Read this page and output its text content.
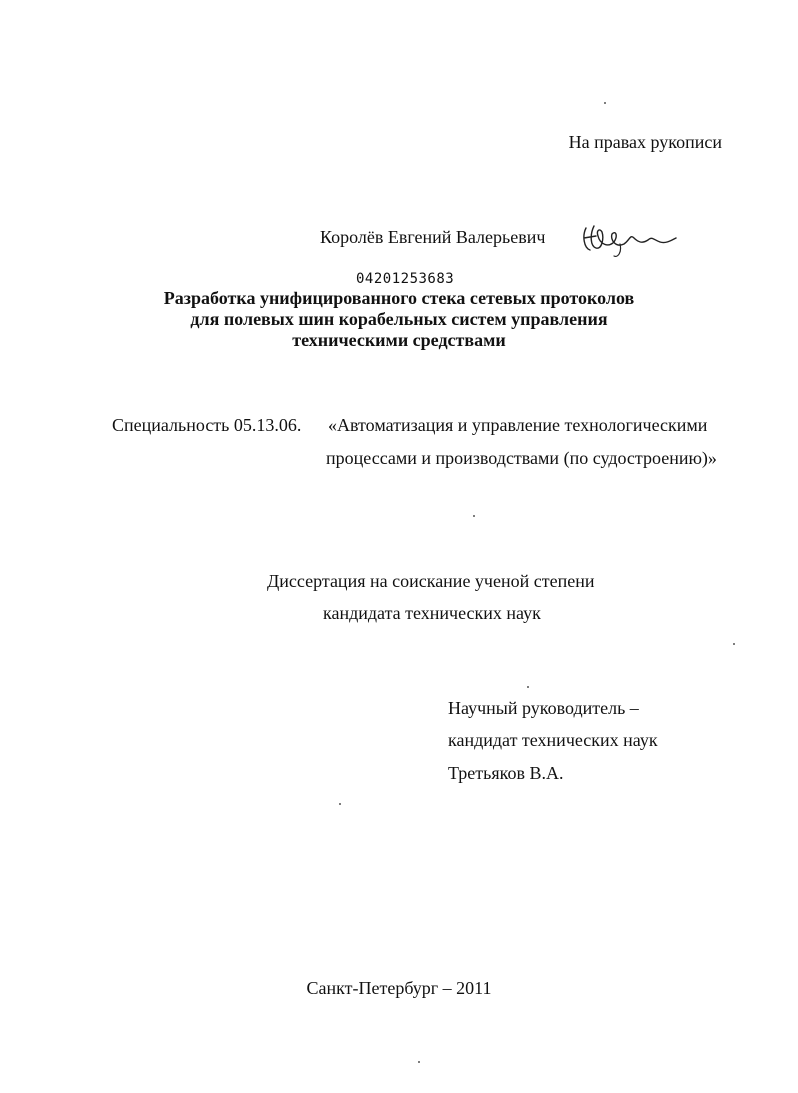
На правах рукописи
Королёв Евгений Валерьевич
04201253683
Разработка унифицированного стека сетевых протоколов
для полевых шин корабельных систем управления
техническими средствами
Специальность 05.13.06. «Автоматизация и управление технологическими
процессами и производствами (по судостроению)»
Диссертация на соискание ученой степени
кандидата технических наук
Научный руководитель –
кандидат технических наук
Третьяков В.А.
Санкт-Петербург – 2011
